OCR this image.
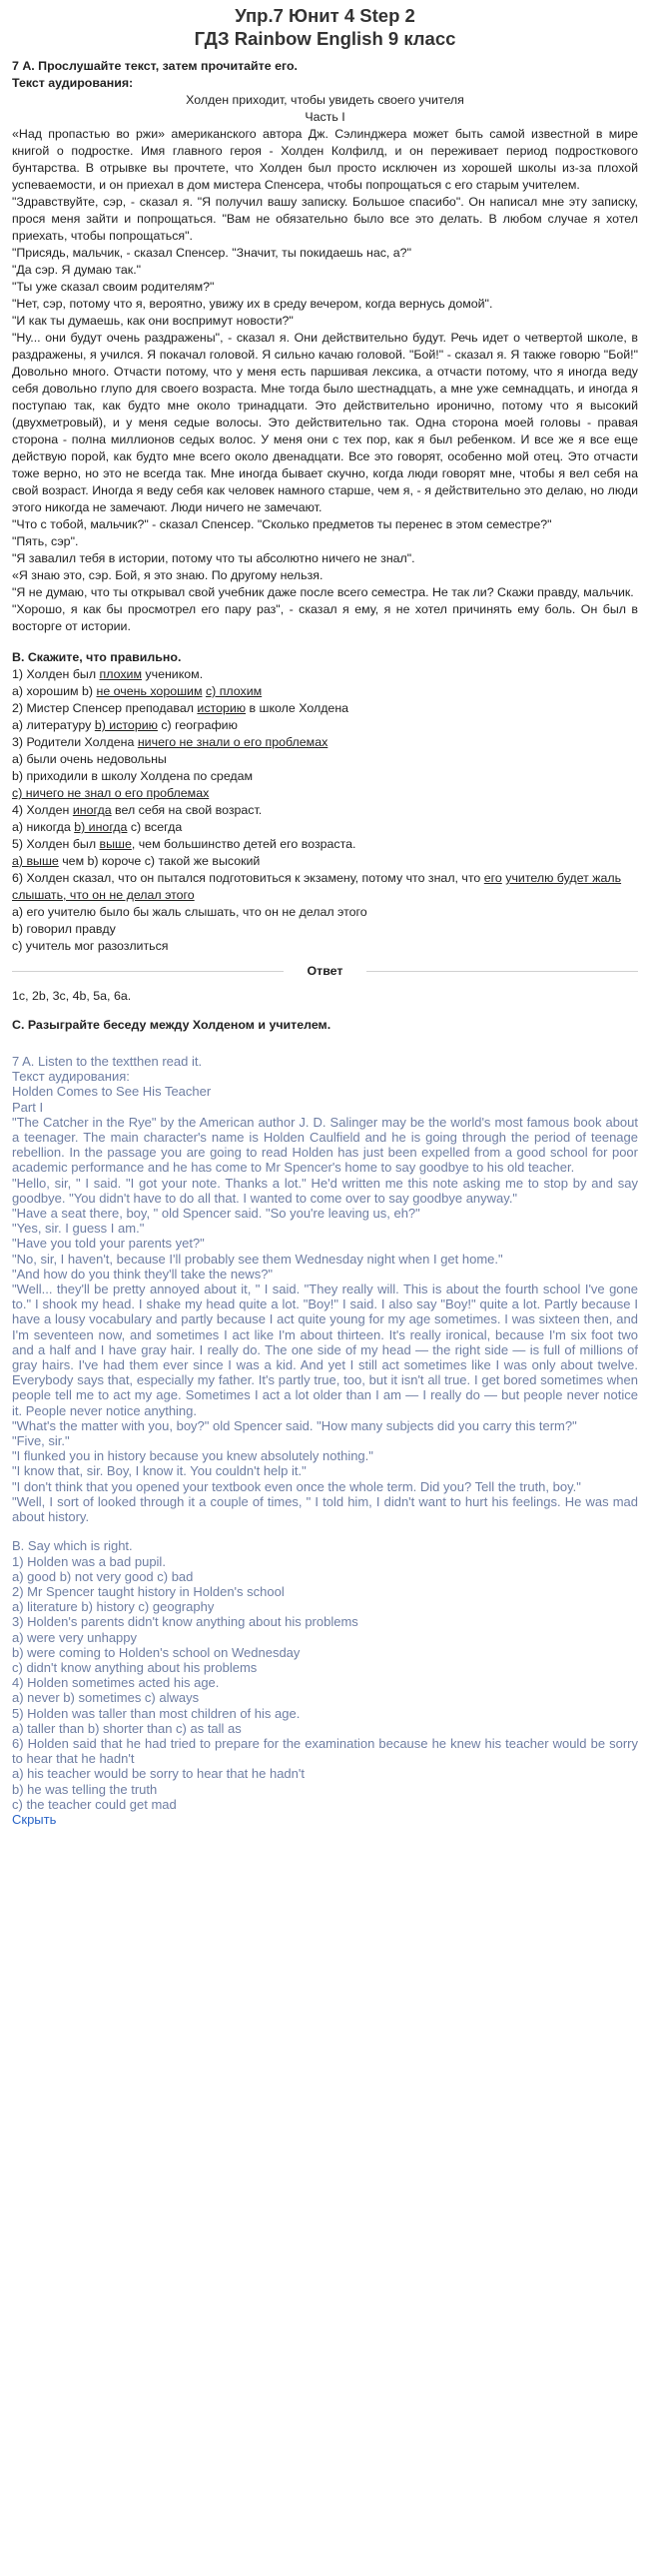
Упр.7 Юнит 4 Step 2
ГДЗ Rainbow English 9 класс
7 А. Прослушайте текст, затем прочитайте его.
Текст аудирования:
Холден приходит, чтобы увидеть своего учителя
Часть I
«Над пропастью во ржи» американского автора Дж. Сэлинджера может быть самой известной в мире книгой о подростке. Имя главного героя - Холден Колфилд, и он переживает период подросткового бунтарства. В отрывке вы прочтете, что Холден был просто исключен из хорошей школы из-за плохой успеваемости, и он приехал в дом мистера Спенсера, чтобы попрощаться с его старым учителем.
"Здравствуйте, сэр, - сказал я. "Я получил вашу записку. Большое спасибо". Он написал мне эту записку, прося меня зайти и попрощаться. "Вам не обязательно было все это делать. В любом случае я хотел приехать, чтобы попрощаться".
"Присядь, мальчик, - сказал Спенсер. "Значит, ты покидаешь нас, а?"
"Да сэр. Я думаю так."
"Ты уже сказал своим родителям?"
"Нет, сэр, потому что я, вероятно, увижу их в среду вечером, когда вернусь домой".
"И как ты думаешь, как они воспримут новости?"
"Ну... они будут очень раздражены", - сказал я. Они действительно будут. Речь идет о четвертой школе, в раздражены, я учился. Я покачал головой. Я сильно качаю головой. "Бой!" - сказал я. Я также говорю "Бой!" Довольно много. Отчасти потому, что у меня есть паршивая лексика, а отчасти потому, что я иногда веду себя довольно глупо для своего возраста. Мне тогда было шестнадцать, а мне уже семнадцать, и иногда я поступаю так, как будто мне около тринадцати. Это действительно иронично, потому что я высокий (двухметровый), и у меня седые волосы. Это действительно так. Одна сторона моей головы - правая сторона - полна миллионов седых волос. У меня они с тех пор, как я был ребенком. И все же я все еще действую порой, как будто мне всего около двенадцати. Все это говорят, особенно мой отец. Это отчасти тоже верно, но это не всегда так. Мне иногда бывает скучно, когда люди говорят мне, чтобы я вел себя на свой возраст. Иногда я веду себя как человек намного старше, чем я, - я действительно это делаю, но люди этого никогда не замечают. Люди ничего не замечают.
"Что с тобой, мальчик?" - сказал Спенсер. "Сколько предметов ты перенес в этом семестре?"
"Пять, сэр".
"Я завалил тебя в истории, потому что ты абсолютно ничего не знал".
«Я знаю это, сэр. Бой, я это знаю. По другому нельзя.
"Я не думаю, что ты открывал свой учебник даже после всего семестра. Не так ли? Скажи правду, мальчик.
"Хорошо, я как бы просмотрел его пару раз", - сказал я ему, я не хотел причинять ему боль. Он был в восторге от истории.
В. Скажите, что правильно.
1) Холден был плохим учеником.
а) хорошим b) не очень хорошим с) плохим
2) Мистер Спенсер преподавал историю в школе Холдена
a) литературу b) историю c) географию
3) Родители Холдена ничего не знали о его проблемах
a) были очень недовольны
b) приходили в школу Холдена по средам
c) ничего не знал о его проблемах
4) Холден иногда вел себя на свой возраст.
а) никогда b) иногда c) всегда
5) Холден был выше, чем большинство детей его возраста.
а) выше чем b) короче c) такой же высокий
6) Холден сказал, что он пытался подготовиться к экзамену, потому что знал, что его учителю будет жаль слышать, что он не делал этого
a) его учителю было бы жаль слышать, что он не делал этого
b) говорил правду
c) учитель мог разозлиться
Ответ
1c, 2b, 3c, 4b, 5a, 6a.
С. Разыграйте беседу между Холденом и учителем.
7 A. Listen to the textthen read it.
Текст аудирования:
Holden Comes to See His Teacher
Part I
"The Catcher in the Rye" by the American author J. D. Salinger may be the world's most famous book about a teenager. The main character's name is Holden Caulfield and he is going through the period of teenage rebellion. In the passage you are going to read Holden has just been expelled from a good school for poor academic performance and he has come to Mr Spencer's home to say goodbye to his old teacher.
"Hello, sir, " I said. "I got your note. Thanks a lot." He'd written me this note asking me to stop by and say goodbye. "You didn't have to do all that. I wanted to come over to say goodbye anyway."
"Have a seat there, boy, " old Spencer said. "So you're leaving us, eh?"
"Yes, sir. I guess I am."
"Have you told your parents yet?"
"No, sir, I haven't, because I'll probably see them Wednesday night when I get home."
"And how do you think they'll take the news?"
"Well... they'll be pretty annoyed about it, " I said. "They really will. This is about the fourth school I've gone to." I shook my head. I shake my head quite a lot. "Boy!" I said. I also say "Boy!" quite a lot. Partly because I have a lousy vocabulary and partly because I act quite young for my age sometimes. I was sixteen then, and I'm seventeen now, and sometimes I act like I'm about thirteen. It's really ironical, because I'm six foot two and a half and I have gray hair. I really do. The one side of my head — the right side — is full of millions of gray hairs. I've had them ever since I was a kid. And yet I still act sometimes like I was only about twelve. Everybody says that, especially my father. It's partly true, too, but it isn't all true. I get bored sometimes when people tell me to act my age. Sometimes I act a lot older than I am — I really do — but people never notice it. People never notice anything.
"What's the matter with you, boy?" old Spencer said. "How many subjects did you carry this term?"
"Five, sir."
"I flunked you in history because you knew absolutely nothing."
"I know that, sir. Boy, I know it. You couldn't help it."
"I don't think that you opened your textbook even once the whole term. Did you? Tell the truth, boy."
"Well, I sort of looked through it a couple of times, " I told him, I didn't want to hurt his feelings. He was mad about history.
B. Say which is right.
1) Holden was a bad pupil.
a) good b) not very good c) bad
2) Mr Spencer taught history in Holden's school
a) literature b) history c) geography
3) Holden's parents didn't know anything about his problems
a) were very unhappy
b) were coming to Holden's school on Wednesday
c) didn't know anything about his problems
4) Holden sometimes acted his age.
a) never b) sometimes c) always
5) Holden was taller than most children of his age.
a) taller than b) shorter than c) as tall as
6) Holden said that he had tried to prepare for the examination because he knew his teacher would be sorry to hear that he hadn't
a) his teacher would be sorry to hear that he hadn't
b) he was telling the truth
c) the teacher could get mad
Скрыть
